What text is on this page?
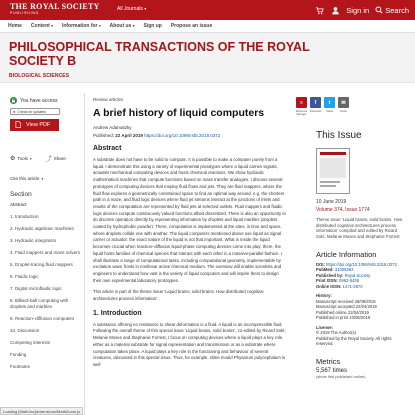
THE ROYAL SOCIETY
PUBLISHING
All Journals ▾	Sign in Search
Home Content ▾ Information for ▾ About us ▾ Sign up Propose an issue
PHILOSOPHICAL TRANSACTIONS OF THE ROYAL SOCIETY B
BIOLOGICAL SCIENCES
You have access
● Check for updates
View PDF
⚙ Tools ▾ ⤴ Share
Cite this article ▾
Section
Abstract
1. Introduction
2. Hydraulic algebraic machines
3. Hydraulic integrators
4. Fluid mappers and maze solvers
5. Droplet-tracing fluid mappers
6. Fluidic logic
7. Digital microfluidic logic
8. Billiard-ball computing with droplets and marbles
9. Reaction–diffusion computers
10. Discussion
Competing interests
Funding
Footnotes
Review articles
A brief history of liquid computers
Andrew Adamatzky
Published: 22 April 2019 https://doi.org/10.1098/rstb.2018.0372
Abstract
A substrate does not have to be solid to compute. It is possible to make a computer purely from a liquid. I demonstrate this using a variety of experimental prototypes where a liquid carries signals, actuates mechanical computing devices and hosts chemical reactions. We show hydraulic mathematical machines that compute functions based on mass transfer analogies. I discuss several prototypes of computing devices that employ fluid flows and jets. They are fluid mappers, where the fluid flow explores a geometrically constrained space to find an optimal way around, e.g. the shortest path in a maze, and fluid logic devices where fluid jet streams interact at the junctions of inlets and results of the computation are represented by fluid jets at selected outlets. Fluid mappers and fluidic logic devices compute continuously valued functions albeit discretized. There is also an opportunity to do discrete operation directly by representing information by droplets and liquid marbles (droplets coated by hydrophobic powder). There, computation is implemented at the sites, in time and space, where droplets collide one with another. The liquid computers mentioned above use liquid as signal carrier or actuator: the exact nature of the liquid is not that important. What is inside the liquid becomes crucial when reaction–diffusion liquid-phase computing devices come into play: there, the liquid hosts families of chemical species that interact with each other in a massive-parallel fashion. I shall illustrate a range of computational tasks, including computational geometry, implementable by excitation wave fronts in nonlinear active chemical medium. The overview will enable scientists and engineers to understand how vast is the variety of liquid computers and will inspire them to design their own experimental laboratory prototypes.
This article is part of the theme issue ‘Liquid brains, solid brains. How distributed cognitive architectures process information’.
1. Introduction
A substance offering no resistance to shear deformation is a fluid. A liquid is an incompressible fluid. Following the overall theme of this special issue ‘Liquid brains, solid brains’, co-edited by Ricard Solé, Melanie Moses and Stephanie Forrest, I focus on computing devices where a liquid plays a key role, either as a material substrate for signal representation and transmission or as a substrate where computation takes place. A liquid plays a key role in the functioning and behaviour of several creatures, discussed in this special issue. Thus, for example, slime mould Physarum polycephalum is well
≡
Reference Manager
f
Facebook
t
Twitter
✉
Email
This Issue
10 June 2019
Volume 374, Issue 1774
Theme issue ‘Liquid brains, solid brains. How distributed cognitive architectures process information’ compiled and edited by Ricard Solé, Melanie Moses and Stephanie Forrest
Article Information
DOI: https://doi.org/10.1098/rstb.2018.0372
PubMed: 31006363
Published by: Royal Society
Print ISSN: 0962-8436
Online ISSN: 1471-2970
History:
Manuscript received 26/09/2018
Manuscript accepted 22/04/2019
Published online 22/04/2019
Published in print 10/06/2019
License:
© 2019 The Author(s)
Published by the Royal Society. All rights reserved.
Metrics
5,567 times
(since first published online)
Loading [MathJax]/extensions/MathZoom.js
